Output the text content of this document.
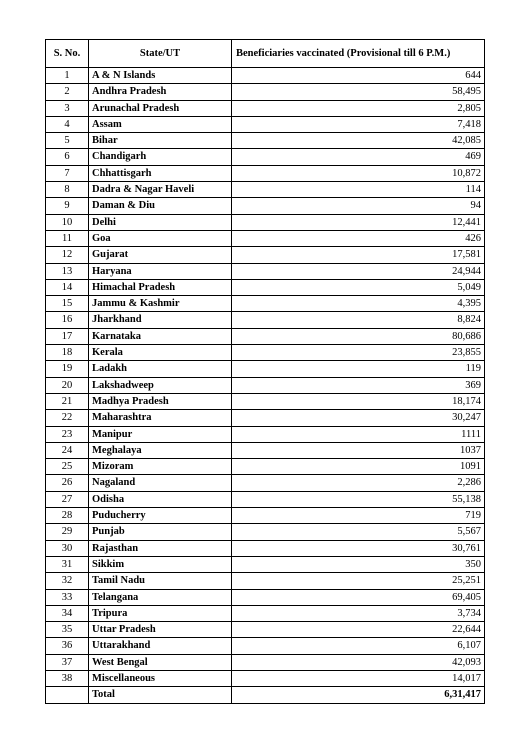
S. No.	State/UT	Beneficiaries vaccinated (Provisional till 6 P.M.)
1	A & N Islands	644
2	Andhra Pradesh	58,495
3	Arunachal Pradesh	2,805
4	Assam	7,418
5	Bihar	42,085
6	Chandigarh	469
7	Chhattisgarh	10,872
8	Dadra & Nagar Haveli	114
9	Daman & Diu	94
10	Delhi	12,441
11	Goa	426
12	Gujarat	17,581
13	Haryana	24,944
14	Himachal Pradesh	5,049
15	Jammu & Kashmir	4,395
16	Jharkhand	8,824
17	Karnataka	80,686
18	Kerala	23,855
19	Ladakh	119
20	Lakshadweep	369
21	Madhya Pradesh	18,174
22	Maharashtra	30,247
23	Manipur	1111
24	Meghalaya	1037
25	Mizoram	1091
26	Nagaland	2,286
27	Odisha	55,138
28	Puducherry	719
29	Punjab	5,567
30	Rajasthan	30,761
31	Sikkim	350
32	Tamil Nadu	25,251
33	Telangana	69,405
34	Tripura	3,734
35	Uttar Pradesh	22,644
36	Uttarakhand	6,107
37	West Bengal	42,093
38	Miscellaneous	14,017
	Total	6,31,417
